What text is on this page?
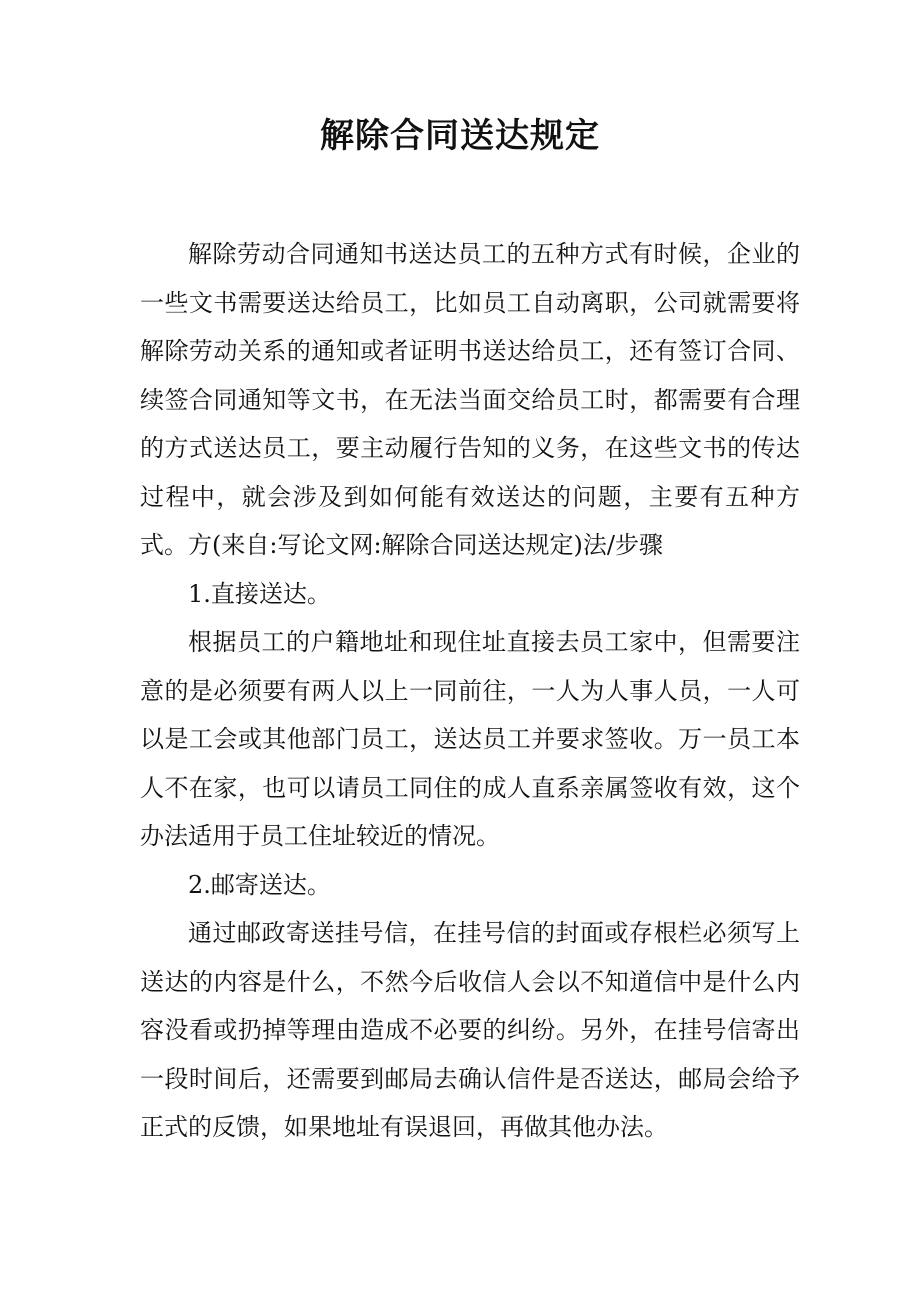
解除合同送达规定

解除劳动合同通知书送达员工的五种方式有时候，企业的一些文书需要送达给员工，比如员工自动离职，公司就需要将解除劳动关系的通知或者证明书送达给员工，还有签订合同、续签合同通知等文书，在无法当面交给员工时，都需要有合理的方式送达员工，要主动履行告知的义务，在这些文书的传达过程中，就会涉及到如何能有效送达的问题，主要有五种方式。方(来自:写论文网:解除合同送达规定)法/步骤

1.直接送达。

根据员工的户籍地址和现住址直接去员工家中，但需要注意的是必须要有两人以上一同前往，一人为人事人员，一人可以是工会或其他部门员工，送达员工并要求签收。万一员工本人不在家，也可以请员工同住的成人直系亲属签收有效，这个办法适用于员工住址较近的情况。

2.邮寄送达。

通过邮政寄送挂号信，在挂号信的封面或存根栏必须写上送达的内容是什么，不然今后收信人会以不知道信中是什么内容没看或扔掉等理由造成不必要的纠纷。另外，在挂号信寄出一段时间后，还需要到邮局去确认信件是否送达，邮局会给予正式的反馈，如果地址有误退回，再做其他办法。
